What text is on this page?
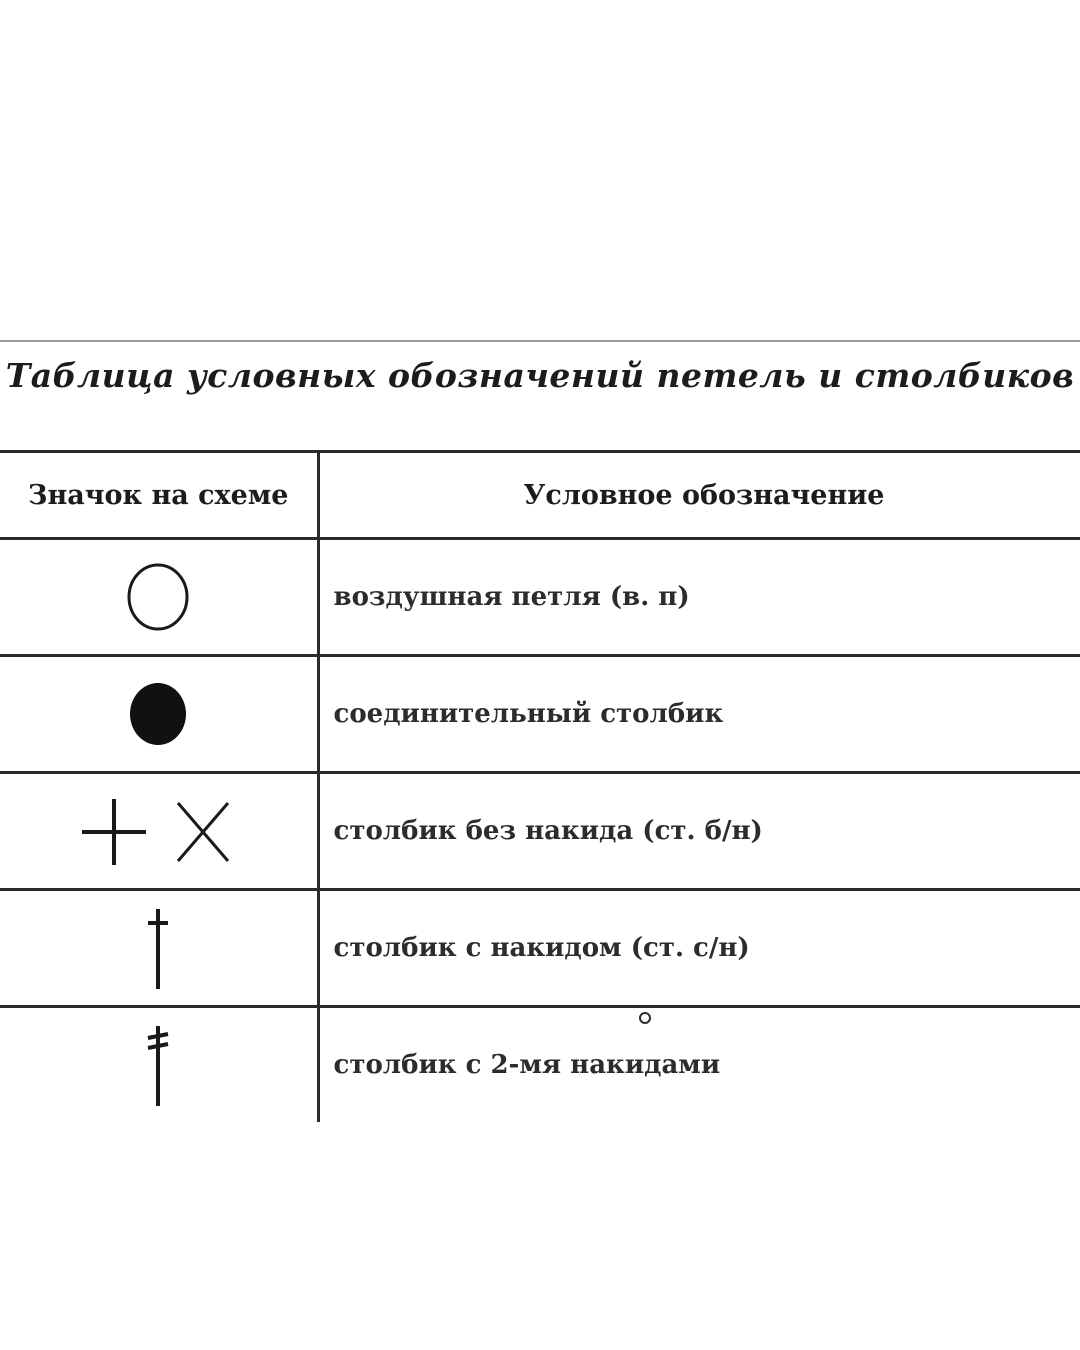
Таблица условных обозначений петель и столбиков
Значок на схеме	Условное обозначение

	воздушная петля (в. п)

	соединительный столбик

	столбик без накида (ст. б/н)

	столбик с накидом (ст. с/н)

	столбик с 2-мя накидами
